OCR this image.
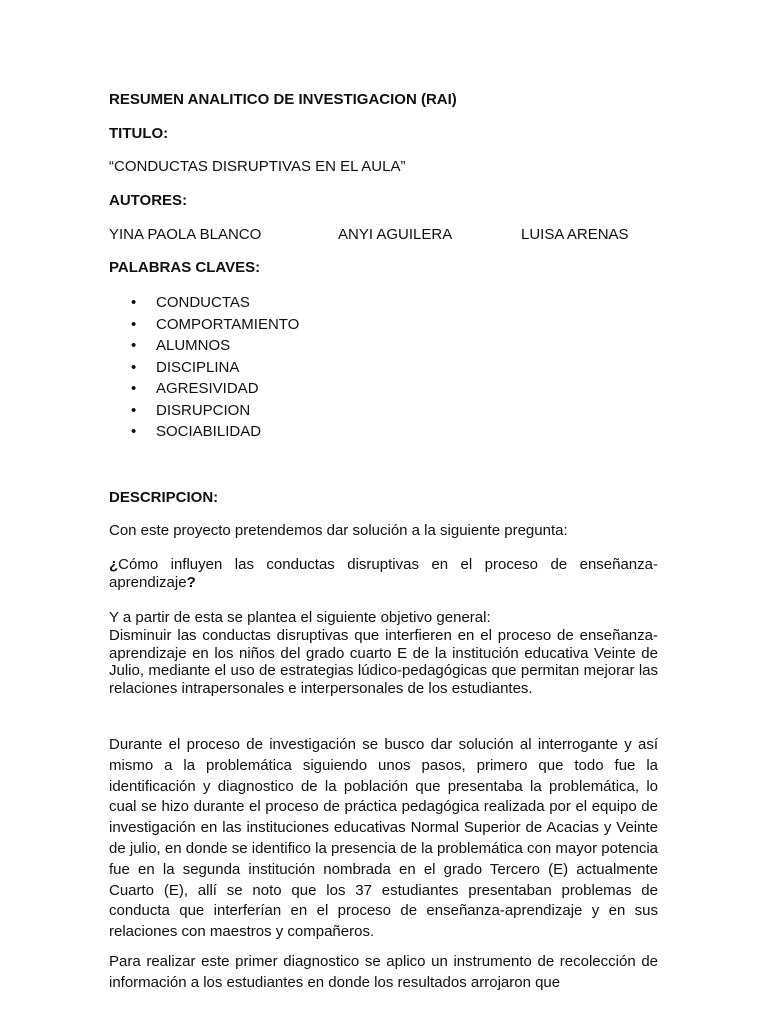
RESUMEN ANALITICO DE INVESTIGACION (RAI)

TITULO:

“CONDUCTAS DISRUPTIVAS EN EL AULA”

AUTORES:

YINA PAOLA BLANCO	ANYI AGUILERA	LUISA ARENAS

PALABRAS CLAVES:

• CONDUCTAS
• COMPORTAMIENTO
• ALUMNOS
• DISCIPLINA
• AGRESIVIDAD
• DISRUPCION
• SOCIABILIDAD

DESCRIPCION:

Con este proyecto pretendemos dar solución a la siguiente pregunta:

¿Cómo influyen las conductas disruptivas en el proceso de enseñanza-aprendizaje?

Y a partir de esta se plantea el siguiente objetivo general:

Disminuir las conductas disruptivas que interfieren en el proceso de enseñanza-aprendizaje en los niños del grado cuarto E de la institución educativa Veinte de Julio, mediante el uso de estrategias lúdico-pedagógicas que permitan mejorar las relaciones intrapersonales e interpersonales de los estudiantes.

Durante el proceso de investigación se busco dar solución al interrogante y así mismo a la problemática siguiendo unos pasos, primero que todo fue la identificación y diagnostico de la población que presentaba la problemática, lo cual se hizo durante el proceso de práctica pedagógica realizada por el equipo de investigación en las instituciones educativas Normal Superior de Acacias y Veinte de julio, en donde se identifico la presencia de la problemática con mayor potencia fue en la segunda institución nombrada en el grado Tercero (E) actualmente Cuarto (E), allí se noto que los 37 estudiantes presentaban problemas de conducta que interferían en el proceso de enseñanza-aprendizaje y en sus relaciones con maestros y compañeros.

Para realizar este primer diagnostico se aplico un instrumento de recolección de información a los estudiantes en donde los resultados arrojaron que
